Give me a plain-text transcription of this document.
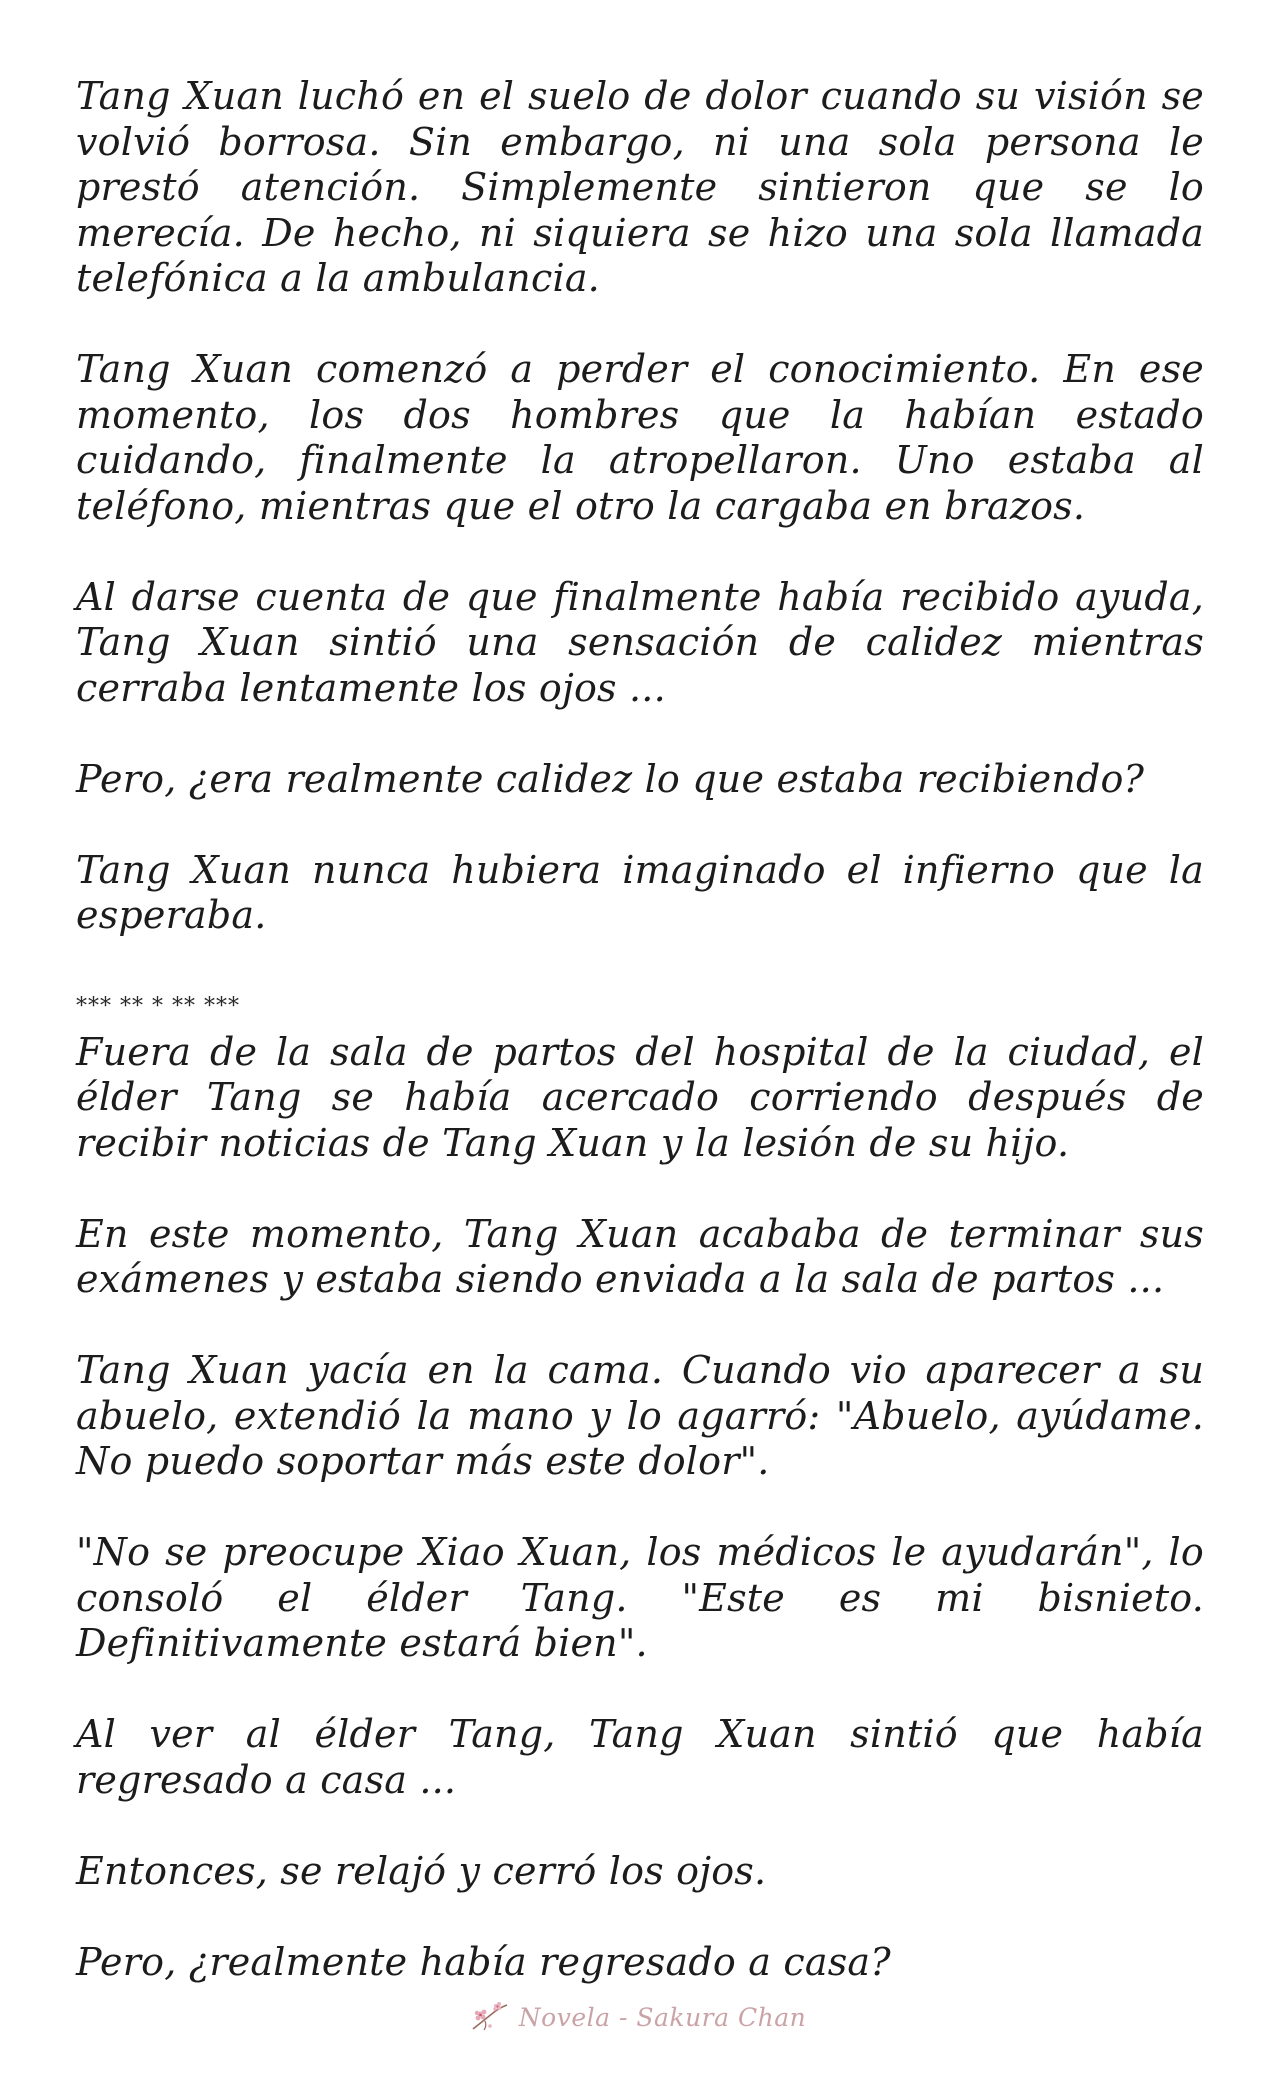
Tang Xuan luchó en el suelo de dolor cuando su visión se volvió borrosa. Sin embargo, ni una sola persona le prestó atención. Simplemente sintieron que se lo merecía. De hecho, ni siquiera se hizo una sola llamada telefónica a la ambulancia.

Tang Xuan comenzó a perder el conocimiento. En ese momento, los dos hombres que la habían estado cuidando, finalmente la atropellaron. Uno estaba al teléfono, mientras que el otro la cargaba en brazos.

Al darse cuenta de que finalmente había recibido ayuda, Tang Xuan sintió una sensación de calidez mientras cerraba lentamente los ojos ...

Pero, ¿era realmente calidez lo que estaba recibiendo?

Tang Xuan nunca hubiera imaginado el infierno que la esperaba.

*** ** * ** ***

Fuera de la sala de partos del hospital de la ciudad, el élder Tang se había acercado corriendo después de recibir noticias de Tang Xuan y la lesión de su hijo.

En este momento, Tang Xuan acababa de terminar sus exámenes y estaba siendo enviada a la sala de partos ...

Tang Xuan yacía en la cama. Cuando vio aparecer a su abuelo, extendió la mano y lo agarró: "Abuelo, ayúdame. No puedo soportar más este dolor".

"No se preocupe Xiao Xuan, los médicos le ayudarán", lo consoló el élder Tang. "Este es mi bisnieto. Definitivamente estará bien".

Al ver al élder Tang, Tang Xuan sintió que había regresado a casa ...

Entonces, se relajó y cerró los ojos.

Pero, ¿realmente había regresado a casa?

Novela - Sakura Chan
